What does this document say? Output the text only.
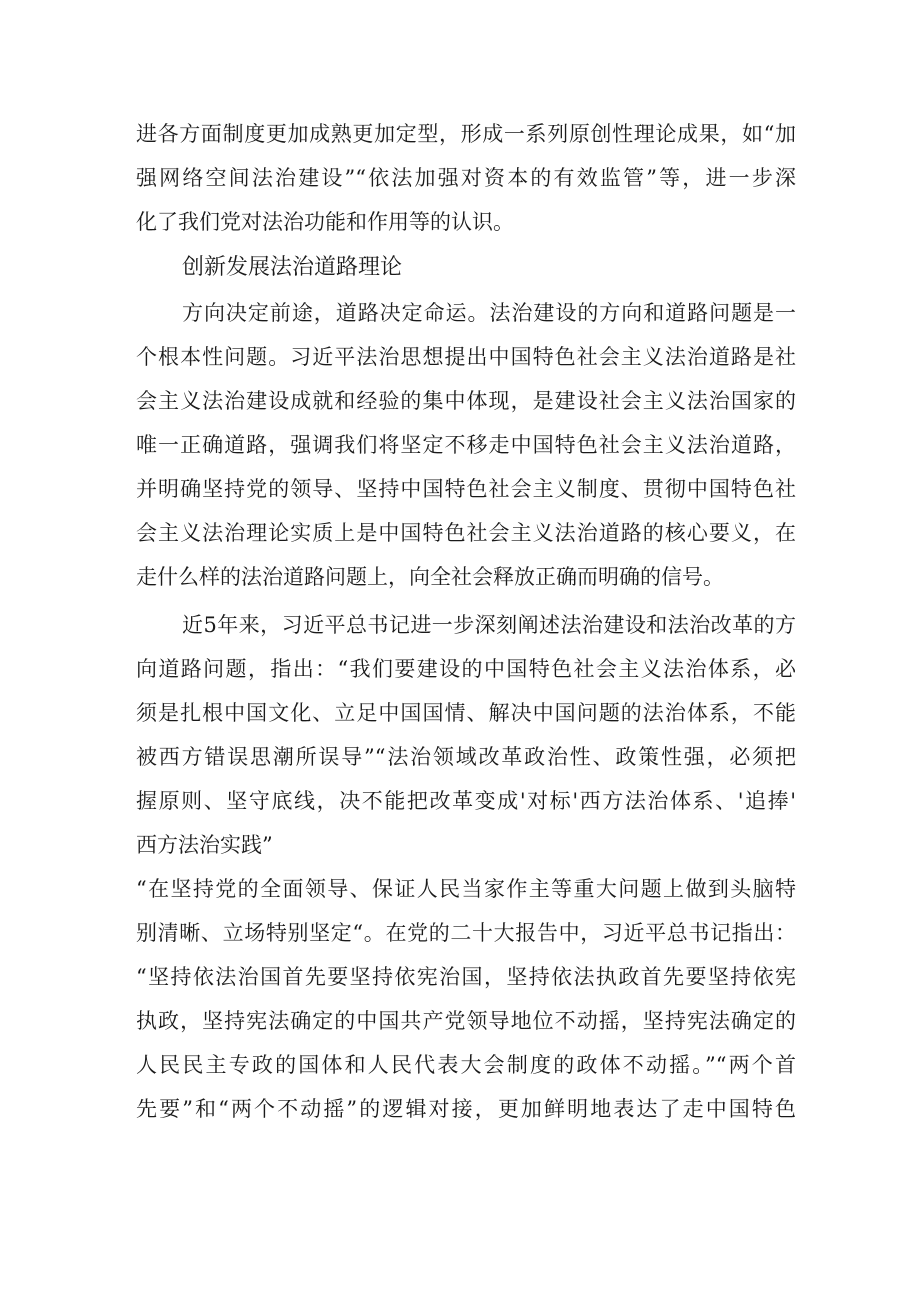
进各方面制度更加成熟更加定型，形成一系列原创性理论成果，如“加
强网络空间法治建设”“依法加强对资本的有效监管”等，进一步深
化了我们党对法治功能和作用等的认识。
创新发展法治道路理论
方向决定前途，道路决定命运。法治建设的方向和道路问题是一
个根本性问题。习近平法治思想提出中国特色社会主义法治道路是社
会主义法治建设成就和经验的集中体现，是建设社会主义法治国家的
唯一正确道路，强调我们将坚定不移走中国特色社会主义法治道路，
并明确坚持党的领导、坚持中国特色社会主义制度、贯彻中国特色社
会主义法治理论实质上是中国特色社会主义法治道路的核心要义，在
走什么样的法治道路问题上，向全社会释放正确而明确的信号。
近5年来，习近平总书记进一步深刻阐述法治建设和法治改革的方
向道路问题，指出：“我们要建设的中国特色社会主义法治体系，必
须是扎根中国文化、立足中国国情、解决中国问题的法治体系，不能
被西方错误思潮所误导”“法治领域改革政治性、政策性强，必须把
握原则、坚守底线，决不能把改革变成'对标'西方法治体系、'追捧'
西方法治实践”
“在坚持党的全面领导、保证人民当家作主等重大问题上做到头脑特
别清晰、立场特别坚定“。在党的二十大报告中，习近平总书记指出：
“坚持依法治国首先要坚持依宪治国，坚持依法执政首先要坚持依宪
执政，坚持宪法确定的中国共产党领导地位不动摇，坚持宪法确定的
人民民主专政的国体和人民代表大会制度的政体不动摇。”“两个首
先要”和“两个不动摇”的逻辑对接，更加鲜明地表达了走中国特色
